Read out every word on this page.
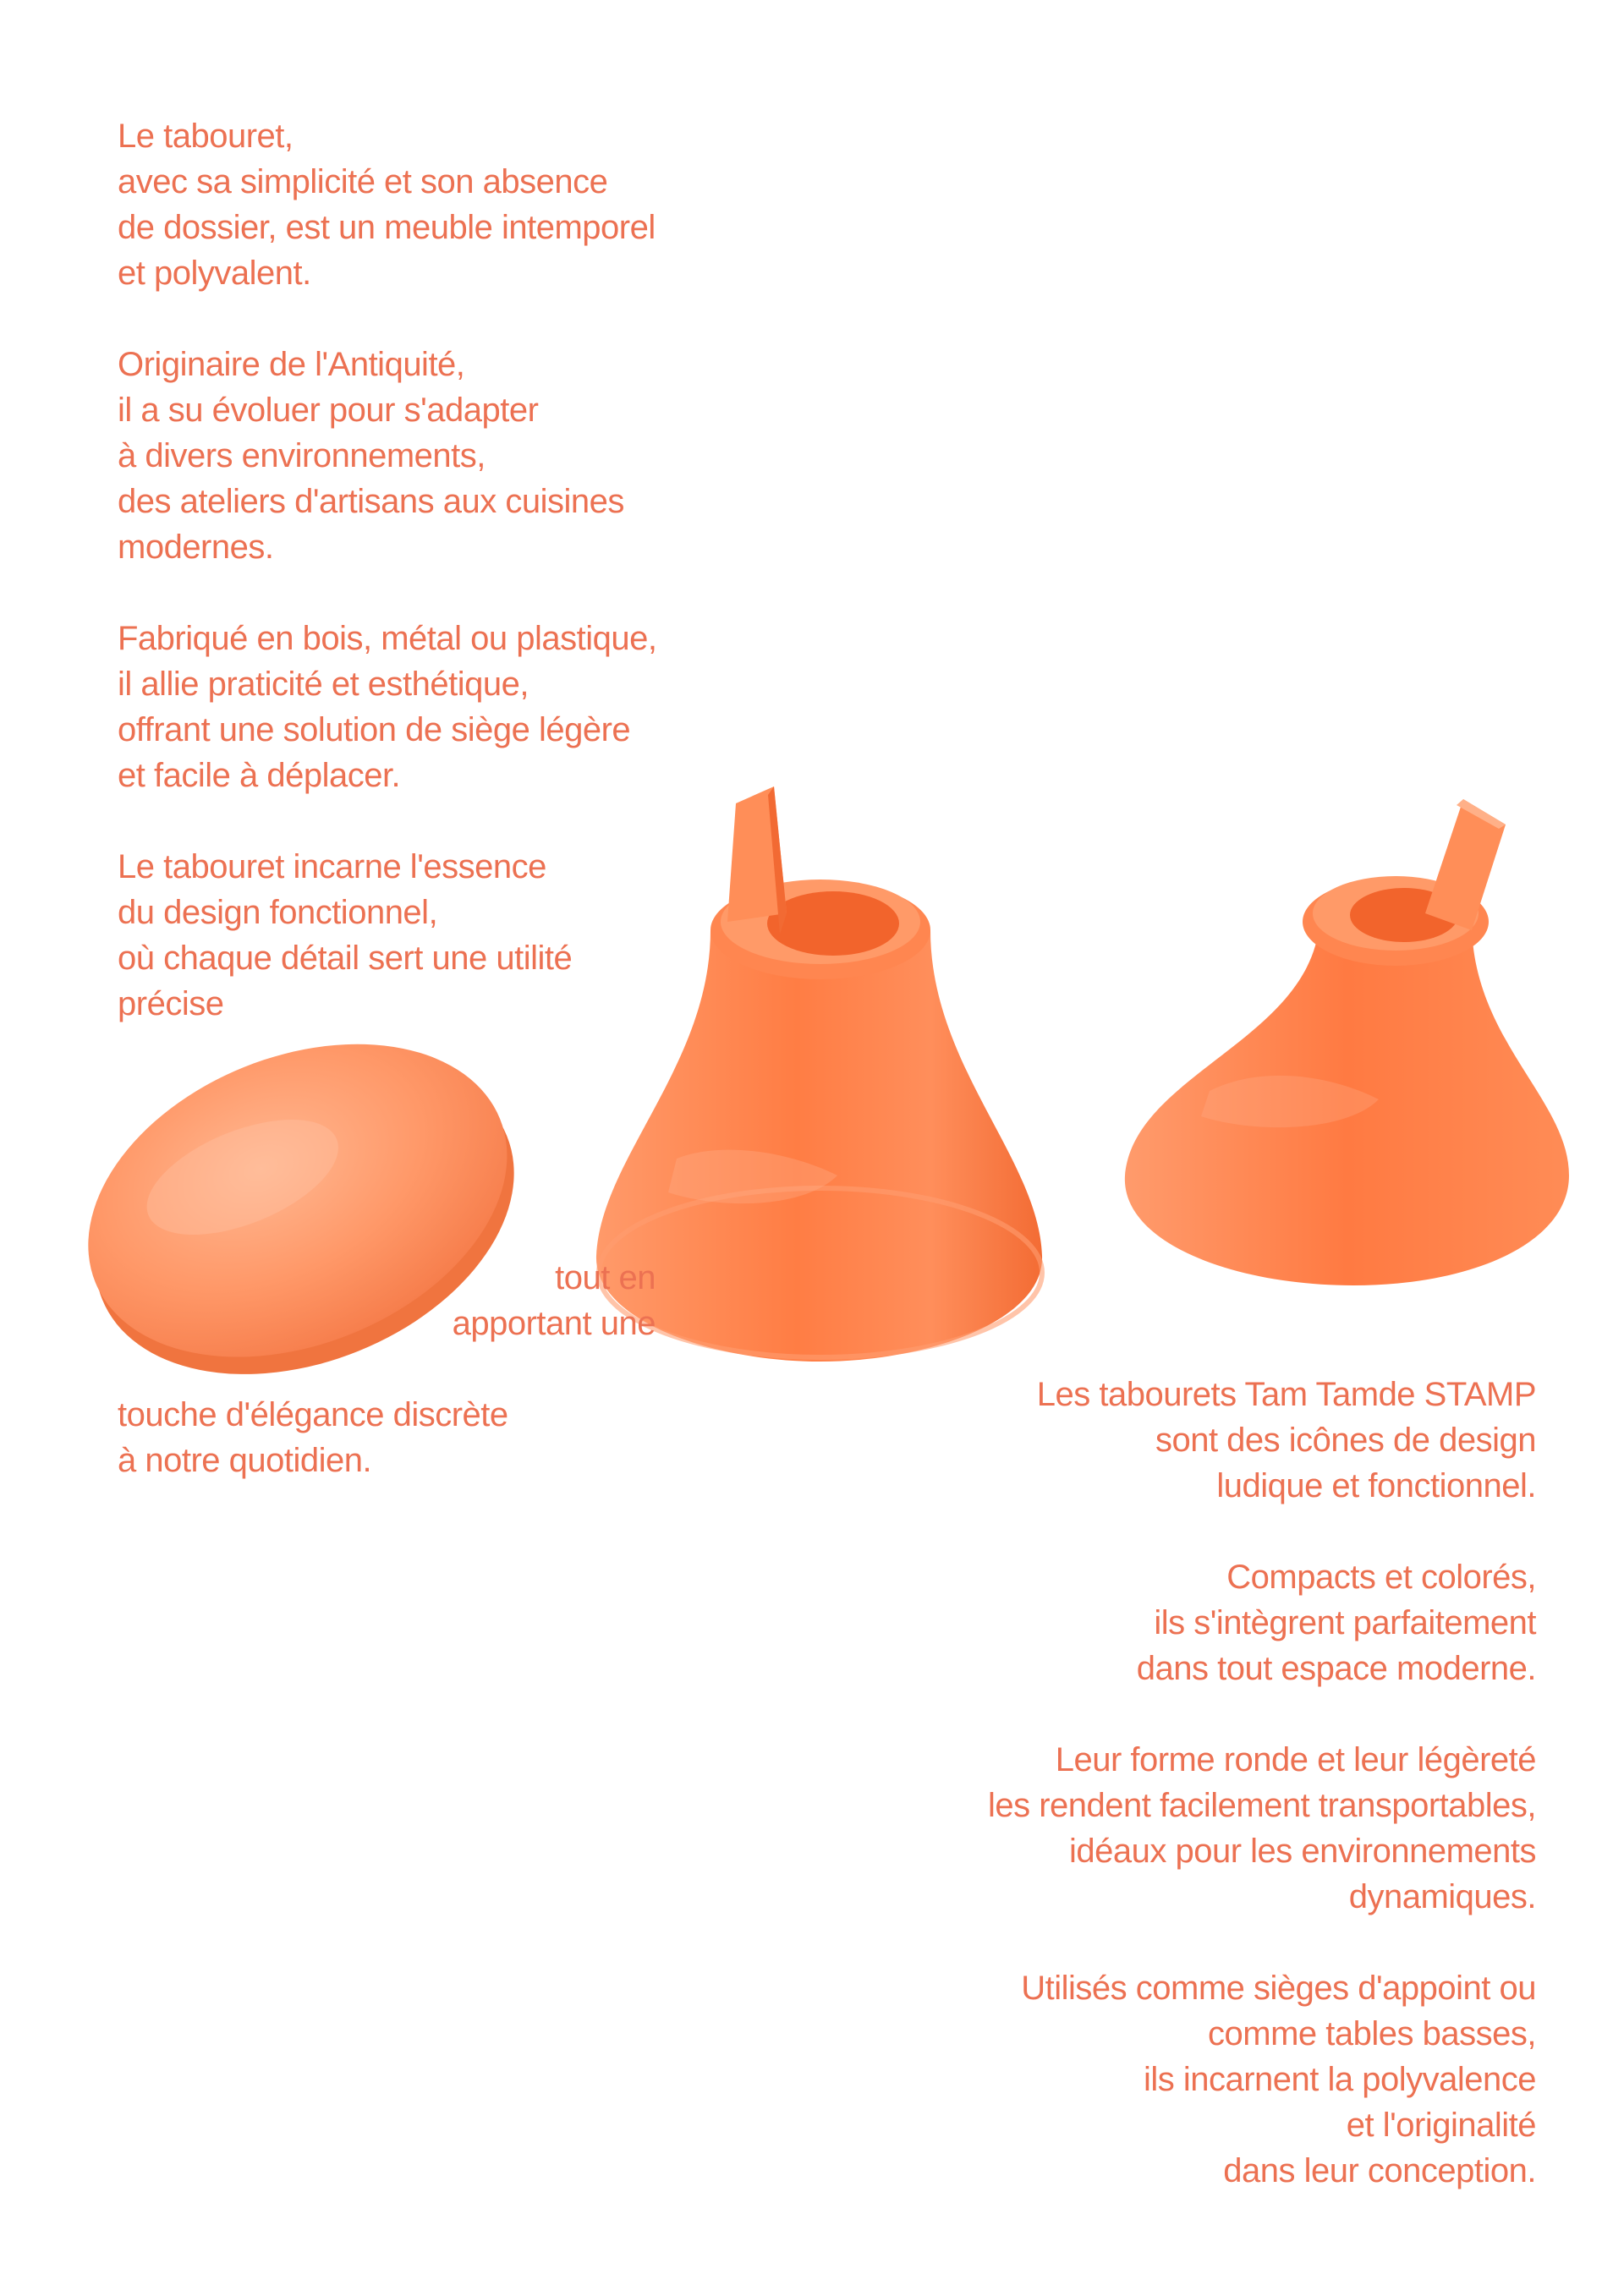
Le tabouret,
avec sa simplicité et son absence
de dossier, est un meuble intemporel
et polyvalent.

Originaire de l'Antiquité,
il a su évoluer pour s'adapter
à divers environnements,
des ateliers d'artisans aux cuisines
modernes.

Fabriqué en bois, métal ou plastique,
il allie praticité et esthétique,
offrant une solution de siège légère
et facile à déplacer.

Le tabouret incarne l'essence
du design fonctionnel,
où chaque détail sert une utilité
précise

tout en
apportant une

touche d'élégance discrète
à notre quotidien.

Les tabourets Tam Tamde STAMP
sont des icônes de design
ludique et fonctionnel.

Compacts et colorés,
ils s'intègrent parfaitement
dans tout espace moderne.

Leur forme ronde et leur légèreté
les rendent facilement transportables,
idéaux pour les environnements
dynamiques.

Utilisés comme sièges d'appoint ou
comme tables basses,
ils incarnent la polyvalence
et l'originalité
dans leur conception.
